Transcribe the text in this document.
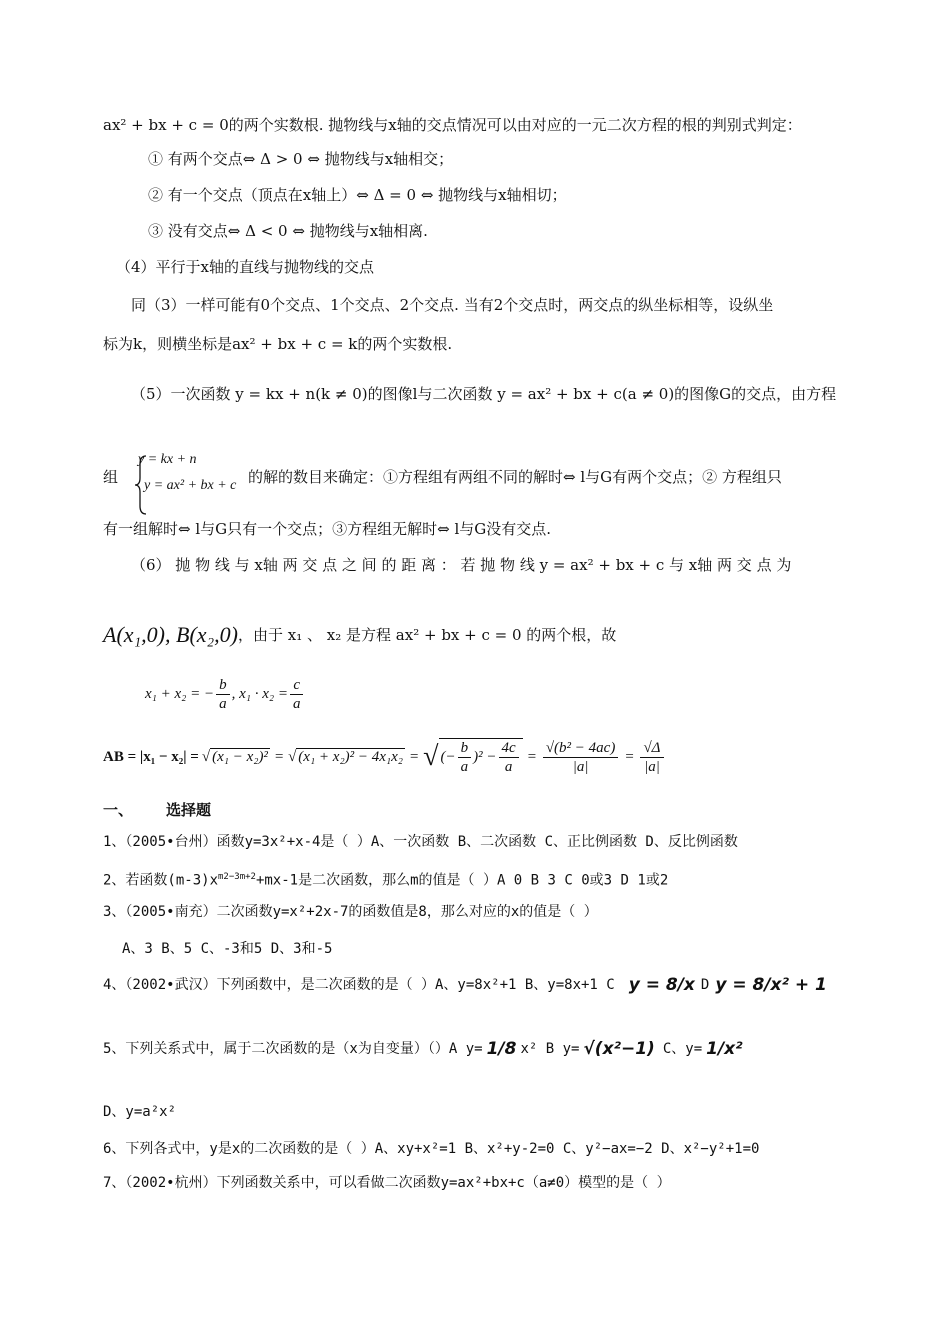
ax² + bx + c = 0的两个实数根. 抛物线与x轴的交点情况可以由对应的一元二次方程的根的判别式判定：
① 有两个交点⇔ Δ > 0 ⇔ 抛物线与x轴相交；
② 有一个交点（顶点在x轴上）⇔ Δ = 0 ⇔ 抛物线与x轴相切；
③ 没有交点⇔ Δ < 0 ⇔ 抛物线与x轴相离.
（4）平行于x轴的直线与抛物线的交点
同（3）一样可能有0个交点、1个交点、2个交点. 当有2个交点时，两交点的纵坐标相等，设纵坐
标为k，则横坐标是ax² + bx + c = k的两个实数根.
（5）一次函数 y = kx + n(k ≠ 0)的图像l与二次函数 y = ax² + bx + c(a ≠ 0)的图像G的交点，由方程
组
y = kx + n
y = ax² + bx + c 的解的数目来确定：①方程组有两组不同的解时⇔ l与G有两个交点；② 方程组只
有一组解时⇔ l与G只有一个交点；③方程组无解时⇔ l与G没有交点.
（6） 抛 物 线 与 x轴 两 交 点 之 间 的 距 离 ： 若 抛 物 线 y = ax² + bx + c 与 x轴 两 交 点 为
A(x₁,0), B(x₂,0) ，由于 x₁ 、 x₂ 是方程 ax² + bx + c = 0 的两个根，故
x₁ + x₂ = − $\frac{b}{a}$ , $x_1 \cdot x_2 = \frac{c}{a}$
AB = |x₁ − x₂| = √ (x₁ − x₂)² = √ (x₁ + x₂)² − 4x₁x₂ = √ (− $\frac{b}{a} )^2 - \frac{4c}{a} = \frac{\text{√(b² − 4ac)}}{|a|} = \frac{√\Delta}{|a|}$
一、 选择题
1、（2005•台州）函数y=3x²+x-4是（ ）A、一次函数 B、二次函数 C、正比例函数 D、反比例函数
2、若函数$(m-3)x^{m2-3m+2}+mx-1$是二次函数，那么m的值是（ ）A 0 B 3 C 0或3 D 1或2
3、（2005•南充）二次函数y=x²+2x-7的函数值是8，那么对应的x的值是（ ）
A、3 B、5 C、-3和5 D、3和-5
4、（2002•武汉）下列函数中，是二次函数的是（ ）A、y=8x²+1 B、y=8x+1 C y = 8/x D y = 8/x² + 1
5、下列关系式中，属于二次函数的是（x为自变量）（）A y= 1/8 x² B y= √(x²−1) C、y= 1/x²
D、y=a²x²
6、下列各式中，y是x的二次函数的是（ ）A、xy+x²=1 B、x²+y-2=0 C、y²−ax=−2 D、x²−y²+1=0
7、（2002•杭州）下列函数关系中，可以看做二次函数y=ax²+bx+c（a≠0）模型的是（ ）
